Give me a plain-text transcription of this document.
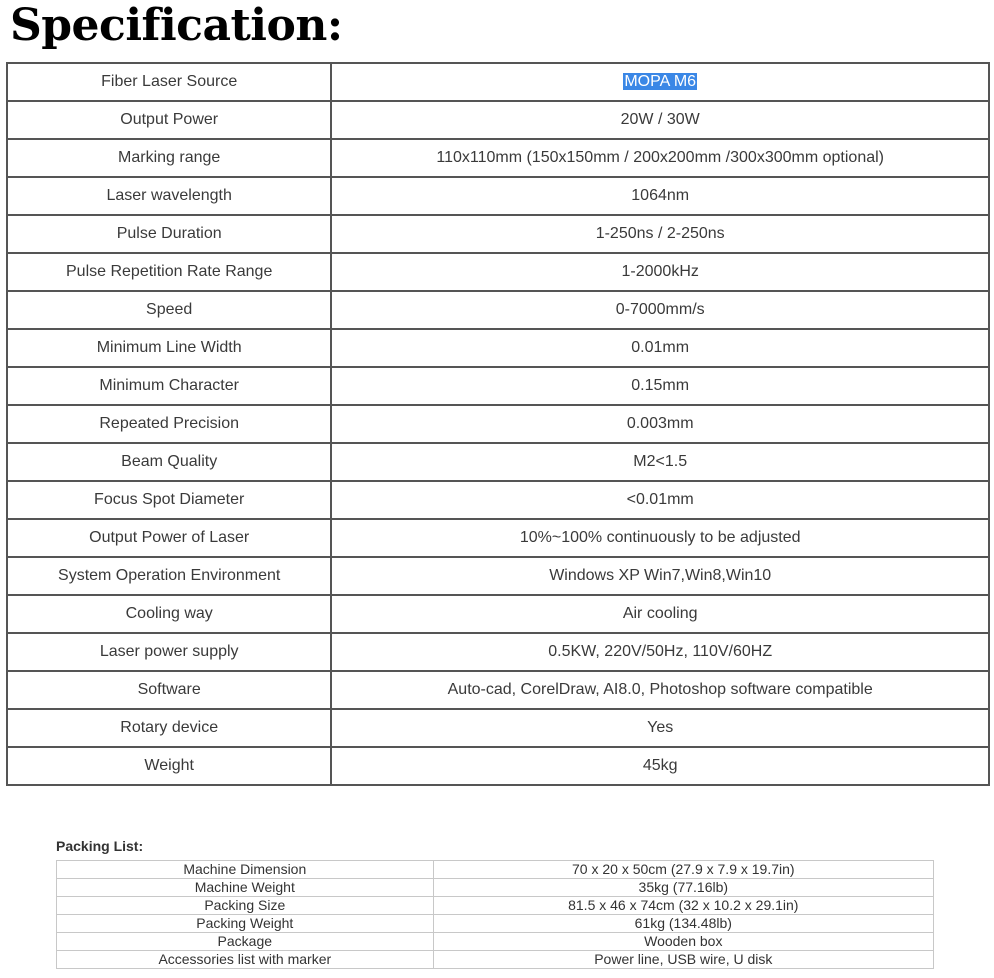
Specification:
Fiber Laser Source	MOPA M6
Output Power	20W / 30W
Marking range	110x110mm (150x150mm / 200x200mm /300x300mm optional)
Laser wavelength	1064nm
Pulse Duration	1-250ns / 2-250ns
Pulse Repetition Rate Range	1-2000kHz
Speed	0-7000mm/s
Minimum Line Width	0.01mm
Minimum Character	0.15mm
Repeated Precision	0.003mm
Beam Quality	M2<1.5
Focus Spot Diameter	<0.01mm
Output Power of Laser	10%~100% continuously to be adjusted
System Operation Environment	Windows XP Win7,Win8,Win10
Cooling way	Air cooling
Laser power supply	0.5KW, 220V/50Hz, 110V/60HZ
Software	Auto-cad, CorelDraw, AI8.0, Photoshop software compatible
Rotary device	Yes
Weight	45kg
Packing List:
Machine Dimension	70 x 20 x 50cm (27.9 x 7.9 x 19.7in)
Machine Weight	35kg (77.16lb)
Packing Size	81.5 x 46 x 74cm (32 x 10.2 x 29.1in)
Packing Weight	61kg (134.48lb)
Package	Wooden box
Accessories list with marker	Power line, USB wire, U disk
